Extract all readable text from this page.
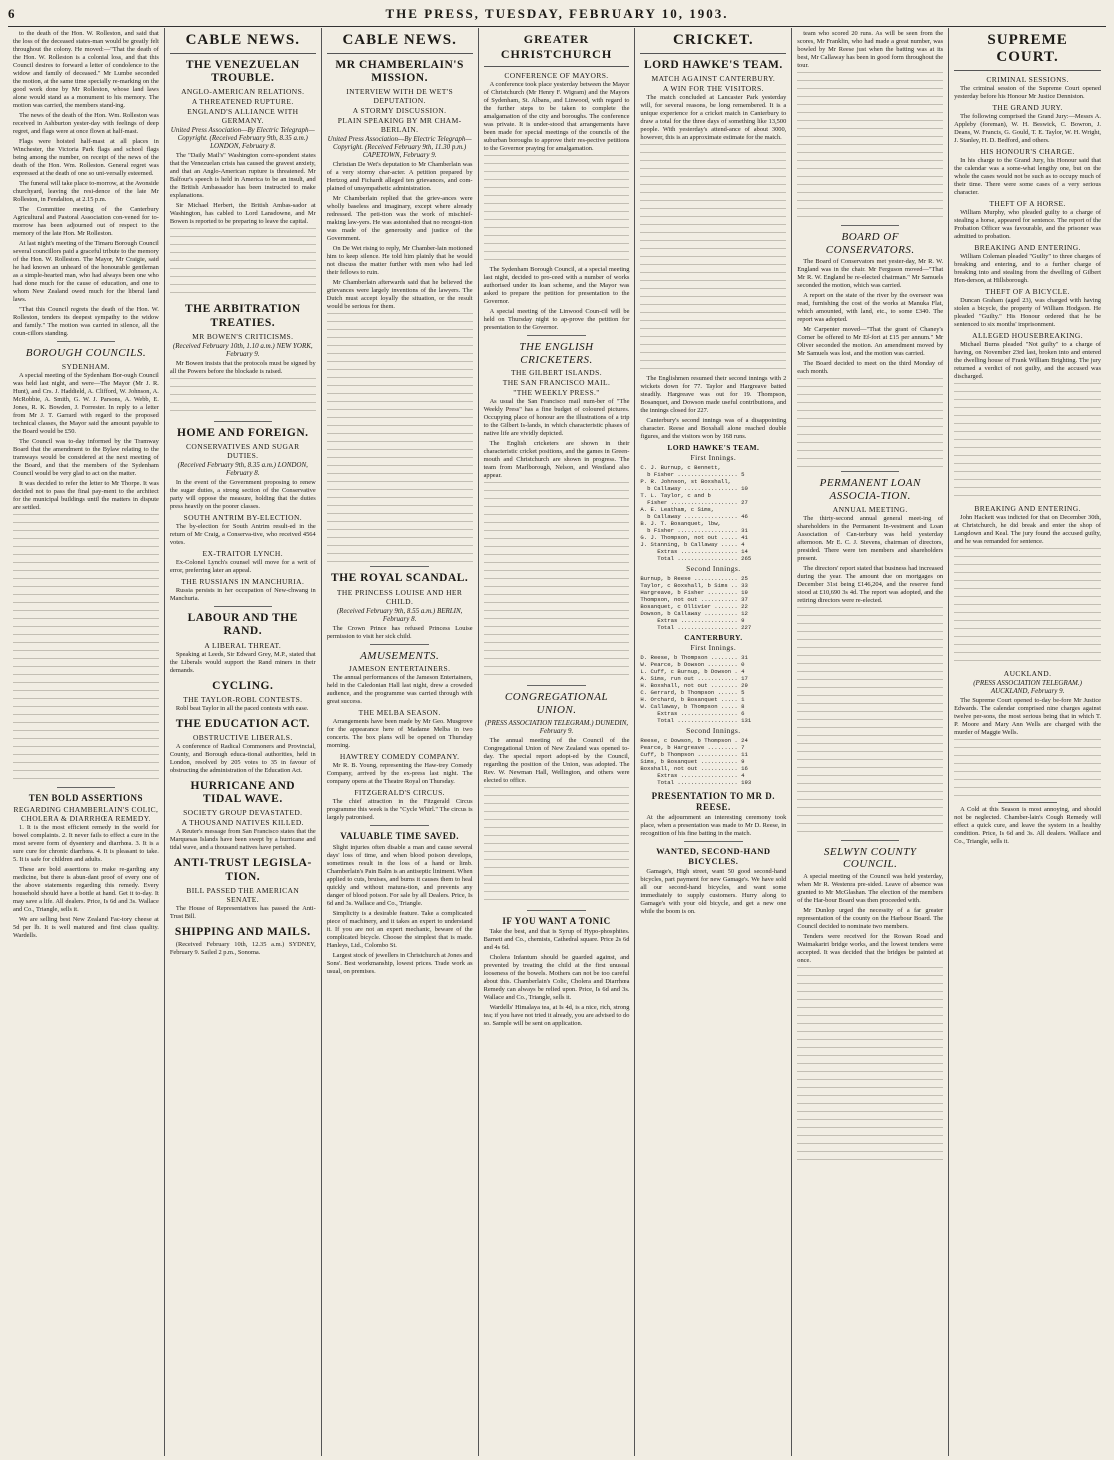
6	THE PRESS, TUESDAY, FEBRUARY 10, 1903.

to the death of the Hon. W. Rolleston, and said that the loss of the deceased states-man would be greatly felt throughout the colony. He moved:—"That the death of the Hon. W. Rolleston is a colonial loss, and that this Council desires to forward a letter of condolence to the widow and family of deceased." Mr Lumbe seconded the motion, at the same time specially re-marking on the good work done by Mr Rolleston, whose land laws alone would stand as a monument to his memory. The motion was carried, the members stand-ing.

The news of the death of the Hon. Wm. Rolleston was received in Ashburton yester-day with feelings of deep regret, and flags were at once flown at half-mast.

Flags were hoisted half-mast at all places in Winchester, the Victoria Park flags and school flags being among the number, on receipt of the news of the death of the Hon. Wm. Rolleston. General regret was expressed at the death of one so uni-versally esteemed.

The funeral will take place to-morrow, at the Avonside churchyard, leaving the resi-dence of the late Mr Rolleston, in Fendalton, at 2.15 p.m.

The Committee meeting of the Canterbury Agricultural and Pastoral Association con-vened for to-morrow has been adjourned out of respect to the memory of the late Hon. Mr Rolleston.

At last night's meeting of the Timaru Borough Council several councillors paid a graceful tribute to the memory of the Hon. W. Rolleston. The Mayor, Mr Craigie, said he had known an unheard of the honourable gentleman as a simple-hearted man, who had always been one who had done much for the cause of education, and one to whom New Zealand owed much for the liberal land laws.

"That this Council regrets the death of the Hon. W. Rolleston, tenders its deepest sympathy to the widow and family." The motion was carried in silence, all the coun-cillors standing.

BOROUGH COUNCILS.
SYDENHAM.

A special meeting of the Sydenham Bor-ough Council was held last night, and were—The Mayor (Mr J. R. Hunt), and Crs. J. Haddield, A. Clifford, W. Johnson, A. McRobbie, A. Smith, G. W. J. Parsons, A. Webb, E. Jones, R. K. Bowden, J. Forrester. In reply to a letter from Mr J. T. Garrard with regard to the proposed technical classes, the Mayor said the amount payable to the Board would be £50.

The Council was to-day informed by the Tramway Board that the amendment to the Bylaw relating to the tramways would be considered at the next meeting of the Board, and that the members of the Sydenham Council would be very glad to act on the matter.

It was decided to refer the letter to Mr Thorpe. It was decided not to pass the final pay-ment to the architect for the municipal buildings until the matters in dispute are settled.

TEN BOLD ASSERTIONS
REGARDING CHAMBERLAIN'S COLIC, CHOLERA & DIARRHŒA REMEDY.

1. It is the most efficient remedy in the world for bowel complaints. 2. It never fails to effect a cure in the most severe form of dysentery and diarrhœa. 3. It is a sure cure for chronic diarrhœa. 4. It is pleasant to take. 5. It is safe for children and adults.

These are bold assertions to make re-garding any medicine, but there is abun-dant proof of every one of the above statements regarding this remedy. Every household should have a bottle at hand. Get it to-day. It may save a life. All dealers. Price, Is 6d and 3s. Wallace and Co., Triangle, sells it.

We are selling best New Zealand Fac-tory cheese at 5d per lb. It is well matured and first class quality. Wardells.

CABLE NEWS.
THE VENEZUELAN TROUBLE.
ANGLO-AMERICAN RELATIONS.
A THREATENED RUPTURE.
ENGLAND'S ALLIANCE WITH GERMANY.
United Press Association—By Electric Telegraph—Copyright. (Received February 9th, 8.35 a.m.) LONDON, February 8.

The "Daily Mail's" Washington corre-spondent states that the Venezuelan crisis has caused the gravest anxiety, and that an Anglo-American rupture is threatened. Mr Balfour's speech is held in America to be an insult, and the British Ambassador has been instructed to make explanations.

Sir Michael Herbert, the British Ambas-sador at Washington, has cabled to Lord Lansdowne, and Mr Bowen is reported to be preparing to leave the capital.

THE ARBITRATION TREATIES.
MR BOWEN'S CRITICISMS.
(Received February 10th, 1.10 a.m.) NEW YORK, February 9.

Mr Bowen insists that the protocols must be signed by all the Powers before the blockade is raised.

HOME AND FOREIGN.
CONSERVATIVES AND SUGAR DUTIES.
(Received February 9th, 8.35 a.m.) LONDON, February 8.

In the event of the Government proposing to renew the sugar duties, a strong section of the Conservative party will oppose the measure, holding that the duties press heavily on the poorer classes.

SOUTH ANTRIM BY-ELECTION.

The by-election for South Antrim result-ed in the return of Mr Craig, a Conserva-tive, who received 4564 votes.

EX-TRAITOR LYNCH.

Ex-Colonel Lynch's counsel will move for a writ of error, preferring later an appeal.

THE RUSSIANS IN MANCHURIA.

Russia persists in her occupation of New-chwang in Manchuria.

LABOUR AND THE RAND.
A LIBERAL THREAT.

Speaking at Leeds, Sir Edward Grey, M.P., stated that the Liberals would support the Rand miners in their demands.

CYCLING.
THE TAYLOR-ROBL CONTESTS.

Robl beat Taylor in all the paced contests with ease.

THE EDUCATION ACT.
OBSTRUCTIVE LIBERALS.

A conference of Radical Commoners and Provincial, County, and Borough educa-tional authorities, held in London, resolved by 205 votes to 35 in favour of obstructing the administration of the Education Act.

HURRICANE AND TIDAL WAVE.
SOCIETY GROUP DEVASTATED.
A THOUSAND NATIVES KILLED.

A Reuter's message from San Francisco states that the Marquesas Islands have been swept by a hurricane and tidal wave, and a thousand natives have perished.

ANTI-TRUST LEGISLA-TION.
BILL PASSED THE AMERICAN SENATE.

The House of Representatives has passed the Anti-Trust Bill.

SHIPPING AND MAILS.

(Received February 10th, 12.35 a.m.) SYDNEY, February 9. Sailed 2 p.m., Sonoma.

CABLE NEWS.
MR CHAMBERLAIN'S MISSION.
INTERVIEW WITH DE WET'S DEPUTATION.
A STORMY DISCUSSION.
PLAIN SPEAKING BY MR CHAM-BERLAIN.
United Press Association—By Electric Telegraph—Copyright. (Received February 9th, 11.30 p.m.) CAPETOWN, February 9.

Christian De Wet's deputation to Mr Chamberlain was of a very stormy char-acter. A petition prepared by Hertzog and Fichardt alleged ten grievances, and com-plained of unsympathetic administration.

Mr Chamberlain replied that the griev-ances were wholly baseless and imaginary, except where already redressed. The peti-tion was the work of mischief-making law-yers. He was astonished that no recogni-tion was made of the generosity and justice of the Government.

On De Wet rising to reply, Mr Chamber-lain motioned him to keep silence. He told him plainly that he would not discuss the matter further with men who had led their fellows to ruin.

Mr Chamberlain afterwards said that he believed the grievances were largely inventions of the lawyers. The Dutch must accept loyally the situation, or the result would be serious for them.

THE ROYAL SCANDAL.
THE PRINCESS LOUISE AND HER CHILD.
(Received February 9th, 8.55 a.m.) BERLIN, February 8.

The Crown Prince has refused Princess Louise permission to visit her sick child.

AMUSEMENTS.
JAMESON ENTERTAINERS.

The annual performances of the Jameson Entertainers, held in the Caledonian Hall last night, drew a crowded audience, and the programme was carried through with great success.

THE MELBA SEASON.

Arrangements have been made by Mr Geo. Musgrove for the appearance here of Madame Melba in two concerts. The box plans will be opened on Thursday morning.

HAWTREY COMEDY COMPANY.

Mr R. B. Young, representing the Haw-trey Comedy Company, arrived by the ex-press last night. The company opens at the Theatre Royal on Thursday.

FITZGERALD'S CIRCUS.

The chief attraction in the Fitzgerald Circus programme this week is the "Cycle Whirl." The circus is largely patronised.

VALUABLE TIME SAVED.

Slight injuries often disable a man and cause several days' loss of time, and when blood poison develops, sometimes result in the loss of a hand or limb. Chamberlain's Pain Balm is an antiseptic liniment. When applied to cuts, bruises, and burns it causes them to heal quickly and without matura-tion, and prevents any danger of blood poison. For sale by all Dealers. Price, Is 6d and 3s. Wallace and Co., Triangle.

Simplicity is a desirable feature. Take a complicated piece of machinery, and it takes an expert to understand it. If you are not an expert mechanic, beware of the complicated bicycle. Choose the simplest that is made. Hanleys, Ltd., Colombo St.

Largest stock of jewellers in Christchurch at Jones and Sons'. Best workmanship, lowest prices. Trade work as usual, on premises.

GREATER CHRISTCHURCH
CONFERENCE OF MAYORS.

A conference took place yesterday between the Mayor of Christchurch (Mr Henry F. Wigram) and the Mayors of Sydenham, St. Albans, and Linwood, with regard to the further steps to be taken to complete the amalgamation of the city and boroughs. The conference was private. It is under-stood that arrangements have been made for special meetings of the councils of the suburban boroughs to approve their res-pective petitions to the Governor praying for amalgamation.

The Sydenham Borough Council, at a special meeting last night, decided to pro-ceed with a number of works authorised under its loan scheme, and the Mayor was asked to prepare the petition for presentation to the Governor.

A special meeting of the Linwood Coun-cil will be held on Thursday night to ap-prove the petition for presentation to the Governor.

THE ENGLISH CRICKETERS.
THE GILBERT ISLANDS.
THE SAN FRANCISCO MAIL.
"THE WEEKLY PRESS."

As usual the San Francisco mail num-ber of "The Weekly Press" has a fine budget of coloured pictures. Occupying place of honour are the illustrations of a trip to the Gilbert Is-lands, in which characteristic phases of native life are vividly depicted.

The English cricketers are shown in their characteristic cricket positions, and the games in Green-mouth and Christchurch are shown in progress. The team from Marlborough, Nelson, and Westland also appear.

CONGREGATIONAL UNION.
(PRESS ASSOCIATION TELEGRAM.) DUNEDIN, February 9.

The annual meeting of the Council of the Congregational Union of New Zealand was opened to-day. The special report adopt-ed by the Council, regarding the position of the Union, was adopted. The Rev. W. Newman Hall, Wellington, and others were elected to office.

IF YOU WANT A TONIC

Take the best, and that is Syrup of Hypo-phosphites. Barnett and Co., chemists, Cathedral square. Price 2s 6d and 4s 6d.

Cholera Infantum should be guarded against, and prevented by treating the child at the first unusual looseness of the bowels. Mothers can not be too careful about this. Chamberlain's Colic, Cholera and Diarrhœa Remedy can always be relied upon. Price, Is 6d and 3s. Wallace and Co., Triangle, sells it.

Wardells' Himalaya tea, at Is 4d, is a nice, rich, strong tea; if you have not tried it already, you are advised to do so. Sample will be sent on application.

CRICKET.
LORD HAWKE'S TEAM.
MATCH AGAINST CANTERBURY.
A WIN FOR THE VISITORS.

The match concluded at Lancaster Park yesterday will, for several reasons, be long remembered. It is a unique experience for a cricket match in Canterbury to draw a total for the three days of something like 13,500 people. With yesterday's attend-ance of about 3000, however, this is an approximate estimate for the match.

The Englishmen resumed their second innings with 2 wickets down for 77. Taylor and Hargreave batted steadily. Hargreave was out for 19. Thompson, Bosanquet, and Dowson made useful contributions, and the innings closed for 227.

Canterbury's second innings was of a disappointing character. Reese and Boxshall alone reached double figures, and the visitors won by 168 runs.

LORD HAWKE'S TEAM.
First Innings.
C. J. Burnup, c Bennett,
b Fisher .................. 5
P. R. Johnson, st Boxshall,
b Callaway ................ 10
T. L. Taylor, c and b
Fisher .................... 27
A. E. Leatham, c Sims,
b Callaway ................ 46
B. J. T. Bosanquet, lbw,
b Fisher .................. 31
G. J. Thompson, not out ..... 41
J. Stanning, b Callaway ..... 4
Extras ................. 14
Total .................. 265
Second Innings.
Burnup, b Reese ............. 25
Taylor, c Boxshall, b Sims .. 33
Hargreave, b Fisher ......... 19
Thompson, not out ........... 37
Bosanquet, c Ollivier ....... 22
Dowson, b Callaway .......... 12
Extras ................. 9
Total .................. 227
CANTERBURY.
First Innings.
D. Reese, b Thompson ........ 31
W. Pearce, b Dowson ......... 0
L. Cuff, c Burnup, b Dowson . 4
A. Sims, run out ............ 17
H. Boxshall, not out ........ 29
C. Gerrard, b Thompson ...... 5
H. Orchard, b Bosanquet ..... 1
W. Callaway, b Thompson ..... 8
Extras ................. 6
Total .................. 131
Second Innings.
Reese, c Dowson, b Thompson . 24
Pearce, b Hargreave ......... 7
Cuff, b Thompson ............ 11
Sims, b Bosanquet ........... 9
Boxshall, not out ........... 16
Extras ................. 4
Total .................. 193
PRESENTATION TO MR D. REESE.

At the adjournment an interesting ceremony took place, when a presentation was made to Mr D. Reese, in recognition of his fine batting in the match.

WANTED, SECOND-HAND BICYCLES.

Gamage's, High street, want 50 good second-hand bicycles, part payment for new Gamage's. We have sold all our second-hand bicycles, and want some immediately to supply customers. Hurry along to Gamage's with your old bicycle, and get a new one while the boom is on.

team who scored 20 runs. As will be seen from the scores, Mr Franklin, who had made a great number, was bowled by Mr Reese just when the batting was at its best, Mr Callaway has been in good form throughout the tour.

BOARD OF CONSERVATORS.

The Board of Conservators met yester-day, Mr R. W. England was in the chair. Mr Ferguson moved—"That Mr R. W. England be re-elected chairman." Mr Samuels seconded the motion, which was carried.

A report on the state of the river by the overseer was read, furnishing the cost of the works at Manuka Flat, which amounted, with land, etc., to some £340. The report was adopted.

Mr Carpenter moved—"That the grant of Chaney's Corner be offered to Mr Ef-fort at £15 per annum." Mr Oliver seconded the motion. An amendment moved by Mr Samuels was lost, and the motion was carried.

The Board decided to meet on the third Monday of each month.

PERMANENT LOAN ASSOCIA-TION.
ANNUAL MEETING.

The thirty-second annual general meet-ing of shareholders in the Permanent In-vestment and Loan Association of Can-terbury was held yesterday afternoon. Mr E. C. J. Stevens, chairman of directors, presided. There were ten members and shareholders present.

The directors' report stated that business had increased during the year. The amount due on mortgages on December 31st being £146,204, and the reserve fund stood at £10,690 3s 4d. The report was adopted, and the retiring directors were re-elected.

SELWYN COUNTY COUNCIL.

A special meeting of the Council was held yesterday, when Mr R. Westenra pre-sided. Leave of absence was granted to Mr McGlashan. The election of the members of the Har-bour Board was then proceeded with.

Mr Dunlop urged the necessity of a far greater representation of the county on the Harbour Board. The Council decided to nominate two members.

Tenders were received for the Rowan Road and Waimakariri bridge works, and the lowest tenders were accepted. It was decided that the bridges be painted at once.

SUPREME COURT.
CRIMINAL SESSIONS.

The criminal session of the Supreme Court opened yesterday before his Honour Mr Justice Denniston.

THE GRAND JURY.

The following comprised the Grand Jury:—Messrs A. Appleby (foreman), W. H. Beswick, C. Bowron, J. Deans, W. Francis, G. Gould, T. E. Taylor, W. H. Wright, J. Stanley, H. D. Bedford, and others.

HIS HONOUR'S CHARGE.

In his charge to the Grand Jury, his Honour said that the calendar was a some-what lengthy one, but on the whole the cases would not be such as to occupy much of their time. There were some cases of a very serious character.

THEFT OF A HORSE.

William Murphy, who pleaded guilty to a charge of stealing a horse, appeared for sentence. The report of the Probation Officer was favourable, and the prisoner was admitted to probation.

BREAKING AND ENTERING.

William Coleman pleaded "Guilty" to three charges of breaking and entering, and to a further charge of breaking into and stealing from the dwelling of Gilbert Hen-derson, at Hillsborough.

THEFT OF A BICYCLE.

Duncan Graham (aged 23), was charged with having stolen a bicycle, the property of William Hodgson. He pleaded "Guilty." His Honour ordered that he be sentenced to six months' imprisonment.

ALLEGED HOUSEBREAKING.

Michael Burns pleaded "Not guilty" to a charge of having, on November 23rd last, broken into and entered the dwelling house of Frank William Brighting. The jury returned a verdict of not guilty, and the accused was discharged.

BREAKING AND ENTERING.

John Hackett was indicted for that on December 30th, at Christchurch, he did break and enter the shop of Langdown and Keal. The jury found the accused guilty, and he was remanded for sentence.

AUCKLAND.
(PRESS ASSOCIATION TELEGRAM.) AUCKLAND, February 9.

The Supreme Court opened to-day be-fore Mr Justice Edwards. The calendar comprised nine charges against twelve per-sons, the most serious being that in which T. P. Moore and Mary Ann Wells are charged with the murder of Maggie Wells.

A Cold at this Season is most annoying, and should not be neglected. Chamber-lain's Cough Remedy will effect a quick cure, and leave the system in a healthy condition. Price, Is 6d and 3s. All dealers. Wallace and Co., Triangle, sells it.
